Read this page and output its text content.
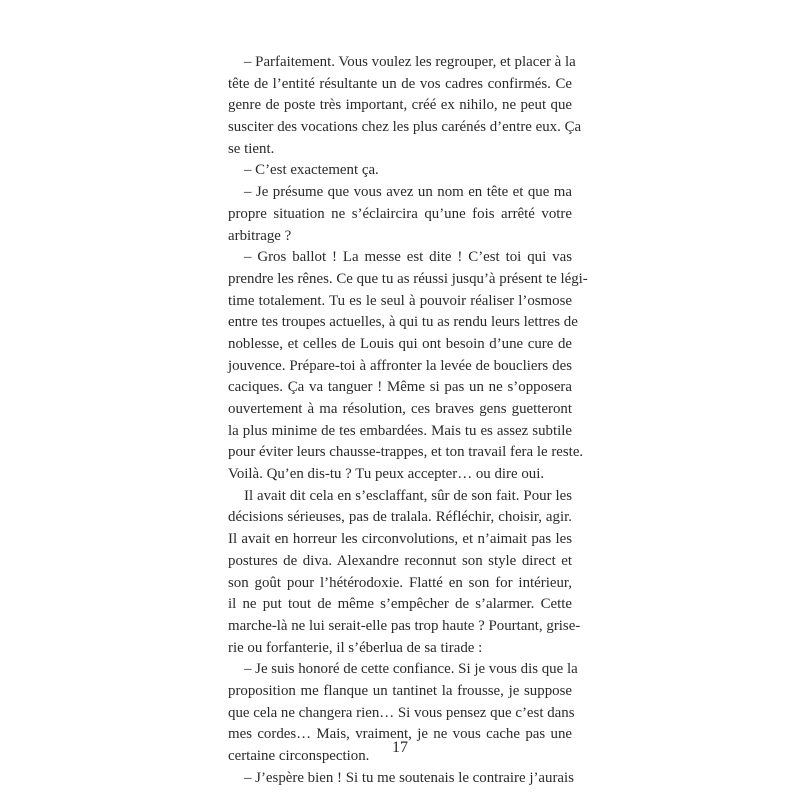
– Parfaitement. Vous voulez les regrouper, et placer à la
tête de l’entité résultante un de vos cadres confirmés. Ce
genre de poste très important, créé ex nihilo, ne peut que
susciter des vocations chez les plus carénés d’entre eux. Ça
se tient.
– C’est exactement ça.
– Je présume que vous avez un nom en tête et que ma
propre situation ne s’éclaircira qu’une fois arrêté votre
arbitrage ?
– Gros ballot ! La messe est dite ! C’est toi qui vas
prendre les rênes. Ce que tu as réussi jusqu’à présent te légi-
time totalement. Tu es le seul à pouvoir réaliser l’osmose
entre tes troupes actuelles, à qui tu as rendu leurs lettres de
noblesse, et celles de Louis qui ont besoin d’une cure de
jouvence. Prépare-toi à affronter la levée de boucliers des
caciques. Ça va tanguer ! Même si pas un ne s’opposera
ouvertement à ma résolution, ces braves gens guetteront
la plus minime de tes embardées. Mais tu es assez subtile
pour éviter leurs chausse-trappes, et ton travail fera le reste.
Voilà. Qu’en dis-tu ? Tu peux accepter… ou dire oui.
Il avait dit cela en s’esclaffant, sûr de son fait. Pour les
décisions sérieuses, pas de tralala. Réfléchir, choisir, agir.
Il avait en horreur les circonvolutions, et n’aimait pas les
postures de diva. Alexandre reconnut son style direct et
son goût pour l’hétérodoxie. Flatté en son for intérieur,
il ne put tout de même s’empêcher de s’alarmer. Cette
marche-là ne lui serait-elle pas trop haute ? Pourtant, grise-
rie ou forfanterie, il s’éberlua de sa tirade :
– Je suis honoré de cette confiance. Si je vous dis que la
proposition me flanque un tantinet la frousse, je suppose
que cela ne changera rien… Si vous pensez que c’est dans
mes cordes… Mais, vraiment, je ne vous cache pas une
certaine circonspection.
– J’espère bien ! Si tu me soutenais le contraire j’aurais
17
